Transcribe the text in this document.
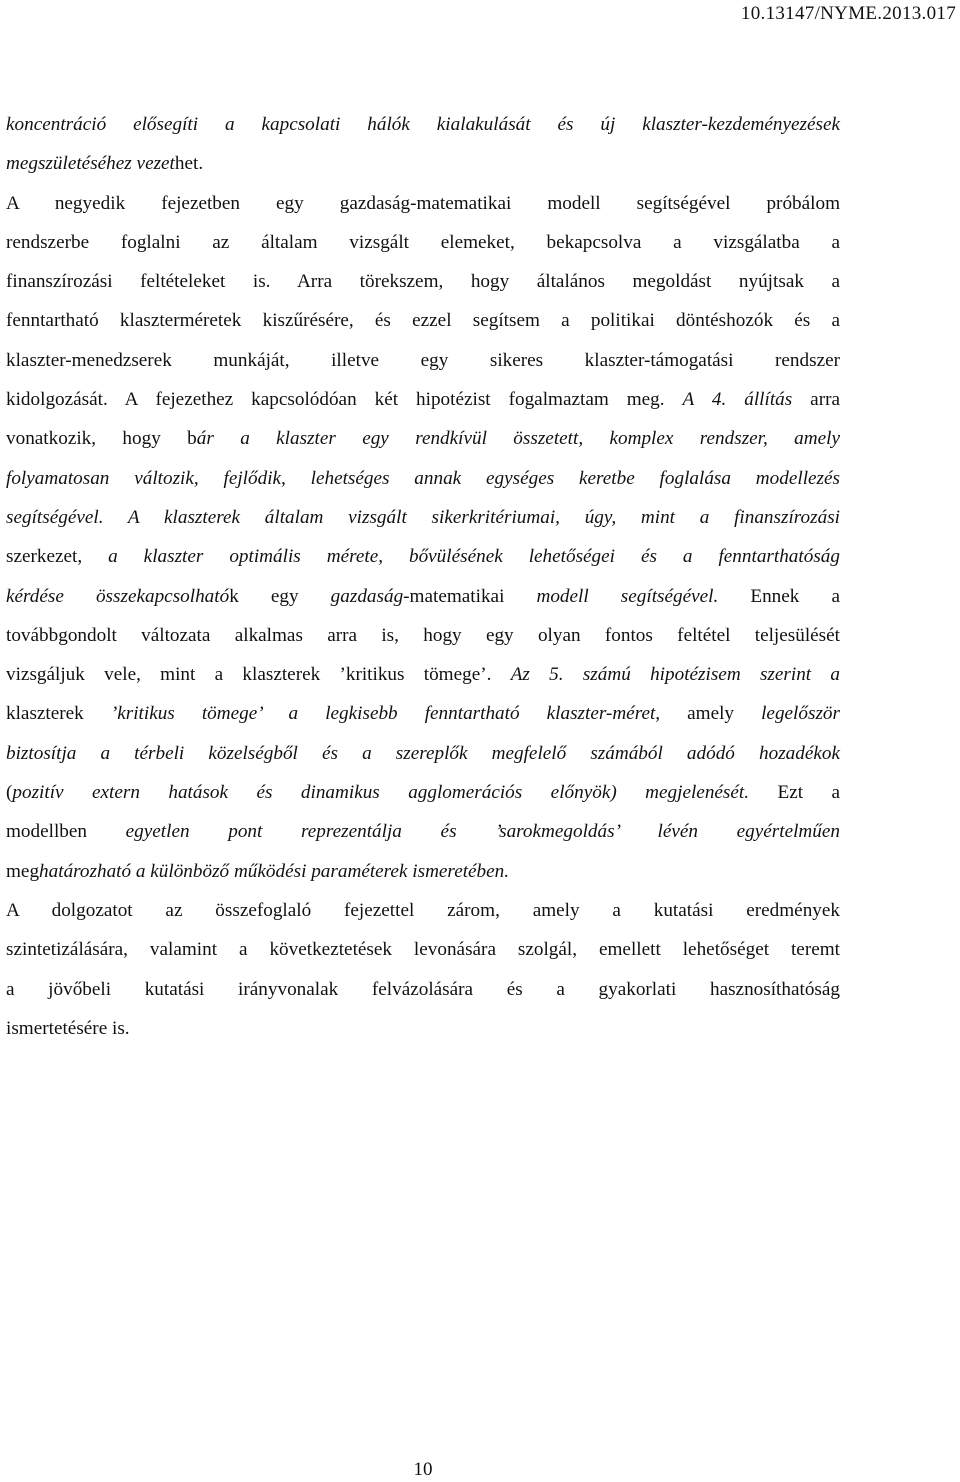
10.13147/NYME.2013.017
koncentráció elősegíti a kapcsolati hálók kialakulását és új klaszter-kezdeményezések
megszületéséhez vezethet.
A negyedik fejezetben egy gazdaság-matematikai modell segítségével próbálom
rendszerbe foglalni az általam vizsgált elemeket, bekapcsolva a vizsgálatba a
finanszírozási feltételeket is. Arra törekszem, hogy általános megoldást nyújtsak a
fenntartható klaszterméretek kiszűrésére, és ezzel segítsem a politikai döntéshozók és a
klaszter-menedzserek munkáját, illetve egy sikeres klaszter-támogatási rendszer
kidolgozását. A fejezethez kapcsolódóan két hipotézist fogalmaztam meg. A 4. állítás arra
vonatkozik, hogy bár a klaszter egy rendkívül összetett, komplex rendszer, amely
folyamatosan változik, fejlődik, lehetséges annak egységes keretbe foglalása modellezés
segítségével. A klaszterek általam vizsgált sikerkritériumai, úgy, mint a finanszírozási
szerkezet, a klaszter optimális mérete, bővülésének lehetőségei és a fenntarthatóság
kérdése összekapcsolhatók egy gazdaság-matematikai modell segítségével. Ennek a
továbbgondolt változata alkalmas arra is, hogy egy olyan fontos feltétel teljesülését
vizsgáljuk vele, mint a klaszterek ’kritikus tömege’. Az 5. számú hipotézisem szerint a
klaszterek ’kritikus tömege’ a legkisebb fenntartható klaszter-méret, amely legelőször
biztosítja a térbeli közelségből és a szereplők megfelelő számából adódó hozadékok
(pozitív extern hatások és dinamikus agglomerációs előnyök) megjelenését. Ezt a
modellben egyetlen pont reprezentálja és ’sarokmegoldás’ lévén egyértelműen
meghatározható a különböző működési paraméterek ismeretében.
A dolgozatot az összefoglaló fejezettel zárom, amely a kutatási eredmények
szintetizálására, valamint a következtetések levonására szolgál, emellett lehetőséget teremt
a jövőbeli kutatási irányvonalak felvázolására és a gyakorlati hasznosíthatóság
ismertetésére is.
10
